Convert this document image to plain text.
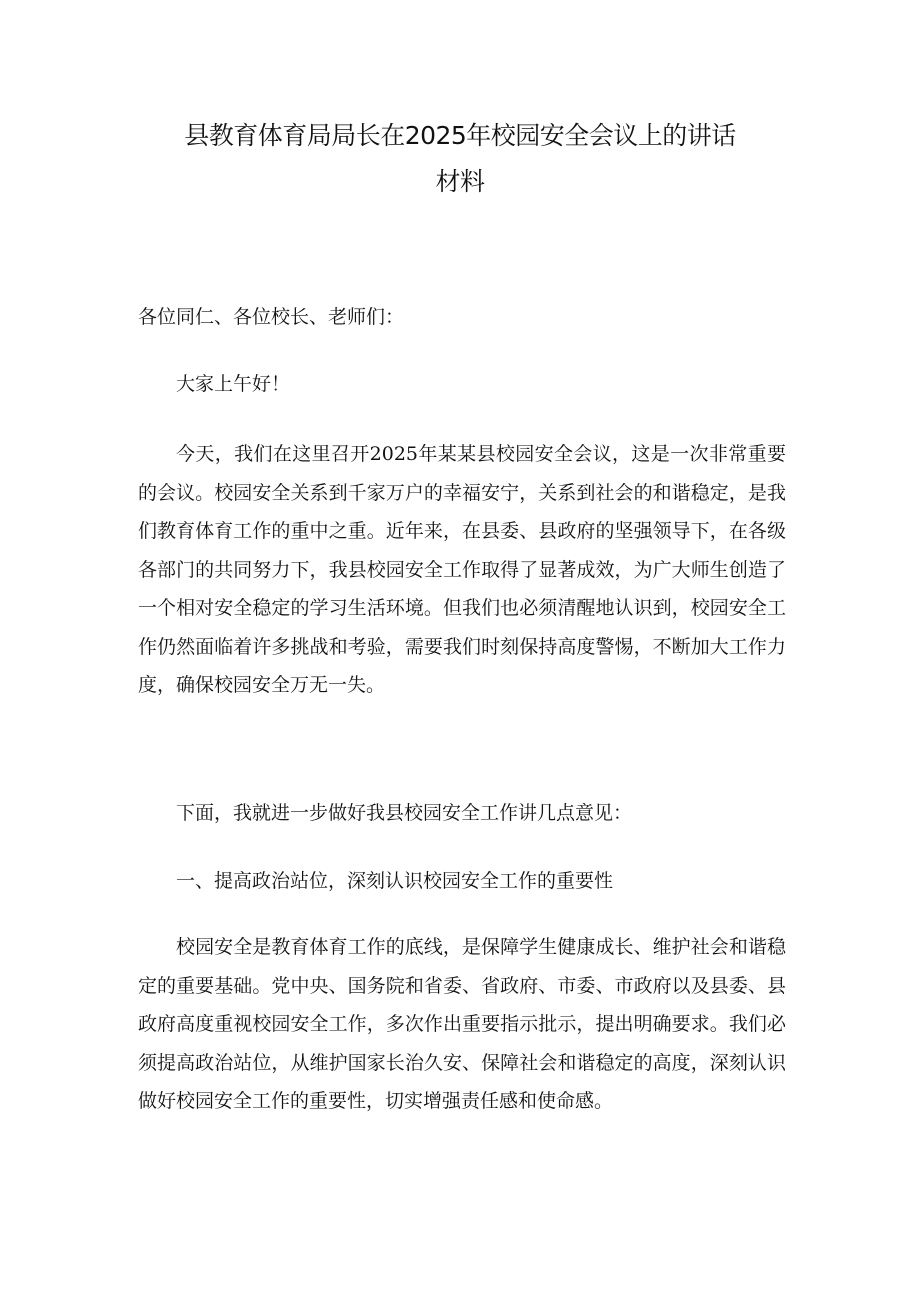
县教育体育局局长在2025年校园安全会议上的讲话
材料

各位同仁、各位校长、老师们：

大家上午好！

今天，我们在这里召开2025年某某县校园安全会议，这是一次非常重要的会议。校园安全关系到千家万户的幸福安宁，关系到社会的和谐稳定，是我们教育体育工作的重中之重。近年来，在县委、县政府的坚强领导下，在各级各部门的共同努力下，我县校园安全工作取得了显著成效，为广大师生创造了一个相对安全稳定的学习生活环境。但我们也必须清醒地认识到，校园安全工作仍然面临着许多挑战和考验，需要我们时刻保持高度警惕，不断加大工作力度，确保校园安全万无一失。

下面，我就进一步做好我县校园安全工作讲几点意见：

一、提高政治站位，深刻认识校园安全工作的重要性

校园安全是教育体育工作的底线，是保障学生健康成长、维护社会和谐稳定的重要基础。党中央、国务院和省委、省政府、市委、市政府以及县委、县政府高度重视校园安全工作，多次作出重要指示批示，提出明确要求。我们必须提高政治站位，从维护国家长治久安、保障社会和谐稳定的高度，深刻认识做好校园安全工作的重要性，切实增强责任感和使命感。
